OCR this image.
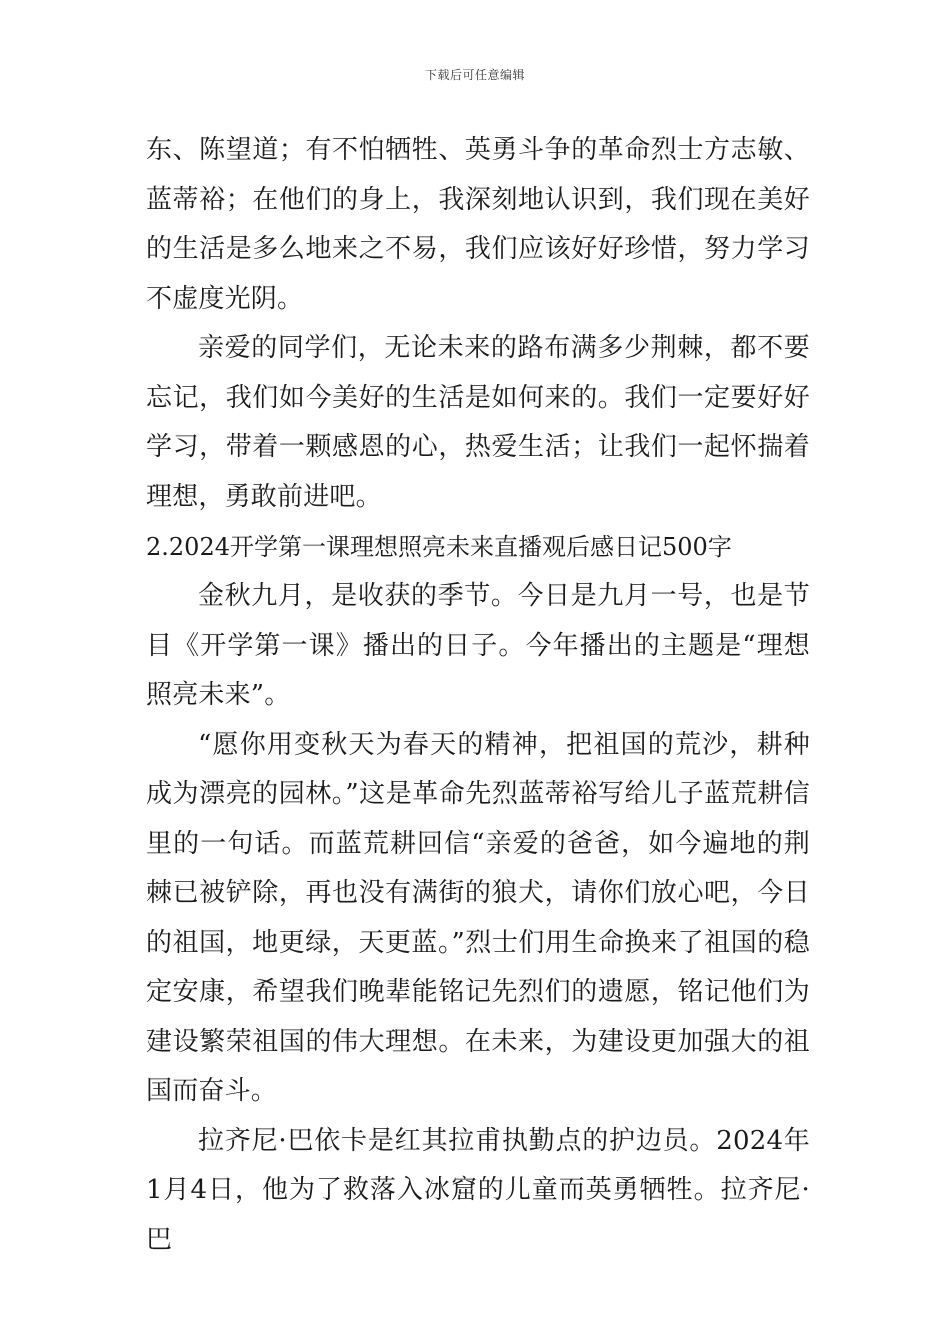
下载后可任意编辑

东、陈望道；有不怕牺牲、英勇斗争的革命烈士方志敏、蓝蒂裕；在他们的身上，我深刻地认识到，我们现在美好的生活是多么地来之不易，我们应该好好珍惜，努力学习不虚度光阴。

亲爱的同学们，无论未来的路布满多少荆棘，都不要忘记，我们如今美好的生活是如何来的。我们一定要好好学习，带着一颗感恩的心，热爱生活；让我们一起怀揣着理想，勇敢前进吧。

2.2024开学第一课理想照亮未来直播观后感日记500字

金秋九月，是收获的季节。今日是九月一号，也是节目《开学第一课》播出的日子。今年播出的主题是“理想照亮未来”。

“愿你用变秋天为春天的精神，把祖国的荒沙，耕种成为漂亮的园林。”这是革命先烈蓝蒂裕写给儿子蓝荒耕信里的一句话。而蓝荒耕回信“亲爱的爸爸，如今遍地的荆棘已被铲除，再也没有满街的狼犬，请你们放心吧，今日的祖国，地更绿，天更蓝。”烈士们用生命换来了祖国的稳定安康，希望我们晚辈能铭记先烈们的遗愿，铭记他们为建设繁荣祖国的伟大理想。在未来，为建设更加强大的祖国而奋斗。

拉齐尼·巴依卡是红其拉甫执勤点的护边员。2024年1月4日，他为了救落入冰窟的儿童而英勇牺牲。拉齐尼·巴
